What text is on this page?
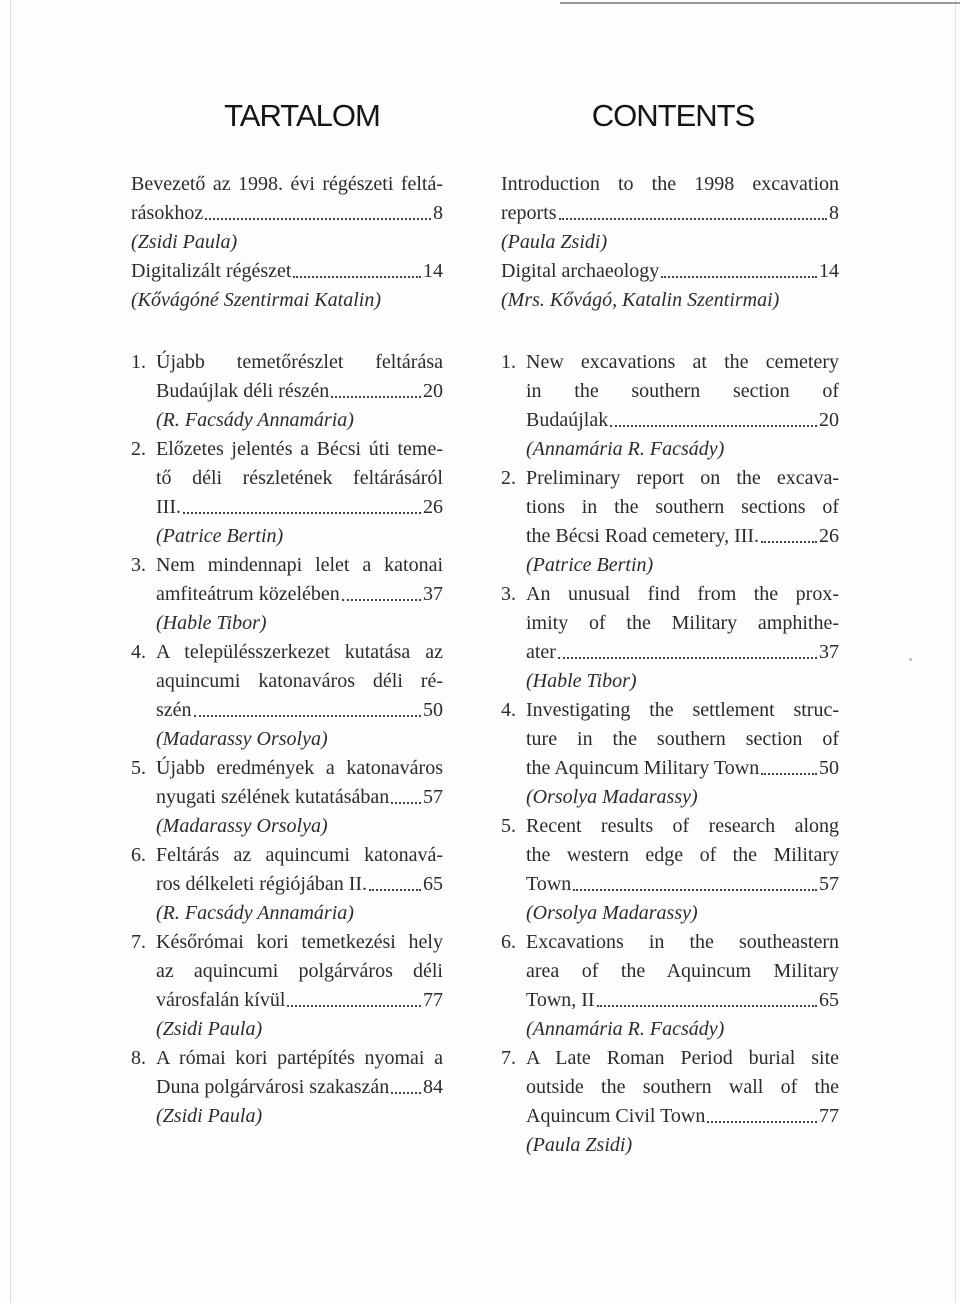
TARTALOM
Bevezető az 1998. évi régészeti feltá-
rásokhoz	8
(Zsidi Paula)
Digitalizált régészet	14
(Kővágóné Szentirmai Katalin)
1. Újabb temetőrészlet feltárása
Budaújlak déli részén	20
(R. Facsády Annamária)
2. Előzetes jelentés a Bécsi úti teme-
tő déli részletének feltárásáról
III.	26
(Patrice Bertin)
3. Nem mindennapi lelet a katonai
amfiteátrum közelében	37
(Hable Tibor)
4. A településszerkezet kutatása az
aquincumi katonaváros déli ré-
szén	50
(Madarassy Orsolya)
5. Újabb eredmények a katonaváros
nyugati szélének kutatásában 57
(Madarassy Orsolya)
6. Feltárás az aquincumi katonavá-
ros délkeleti régiójában II.	65
(R. Facsády Annamária)
7. Későrómai kori temetkezési hely
az aquincumi polgárváros déli
városfalán kívül	77
(Zsidi Paula)
8. A római kori partépítés nyomai a
Duna polgárvárosi szakaszán 84
(Zsidi Paula)
CONTENTS
Introduction to the 1998 excavation
reports	8
(Paula Zsidi)
Digital archaeology	14
(Mrs. Kővágó, Katalin Szentirmai)
1. New excavations at the cemetery
in the southern section of
Budaújlak	20
(Annamária R. Facsády)
2. Preliminary report on the excava-
tions in the southern sections of
the Bécsi Road cemetery, III.	26
(Patrice Bertin)
3. An unusual find from the prox-
imity of the Military amphithe-
ater	37
(Hable Tibor)
4. Investigating the settlement struc-
ture in the southern section of
the Aquincum Military Town	50
(Orsolya Madarassy)
5. Recent results of research along
the western edge of the Military
Town	57
(Orsolya Madarassy)
6. Excavations in the southeastern
area of the Aquincum Military
Town, II	65
(Annamária R. Facsády)
7. A Late Roman Period burial site
outside the southern wall of the
Aquincum Civil Town	77
(Paula Zsidi)
